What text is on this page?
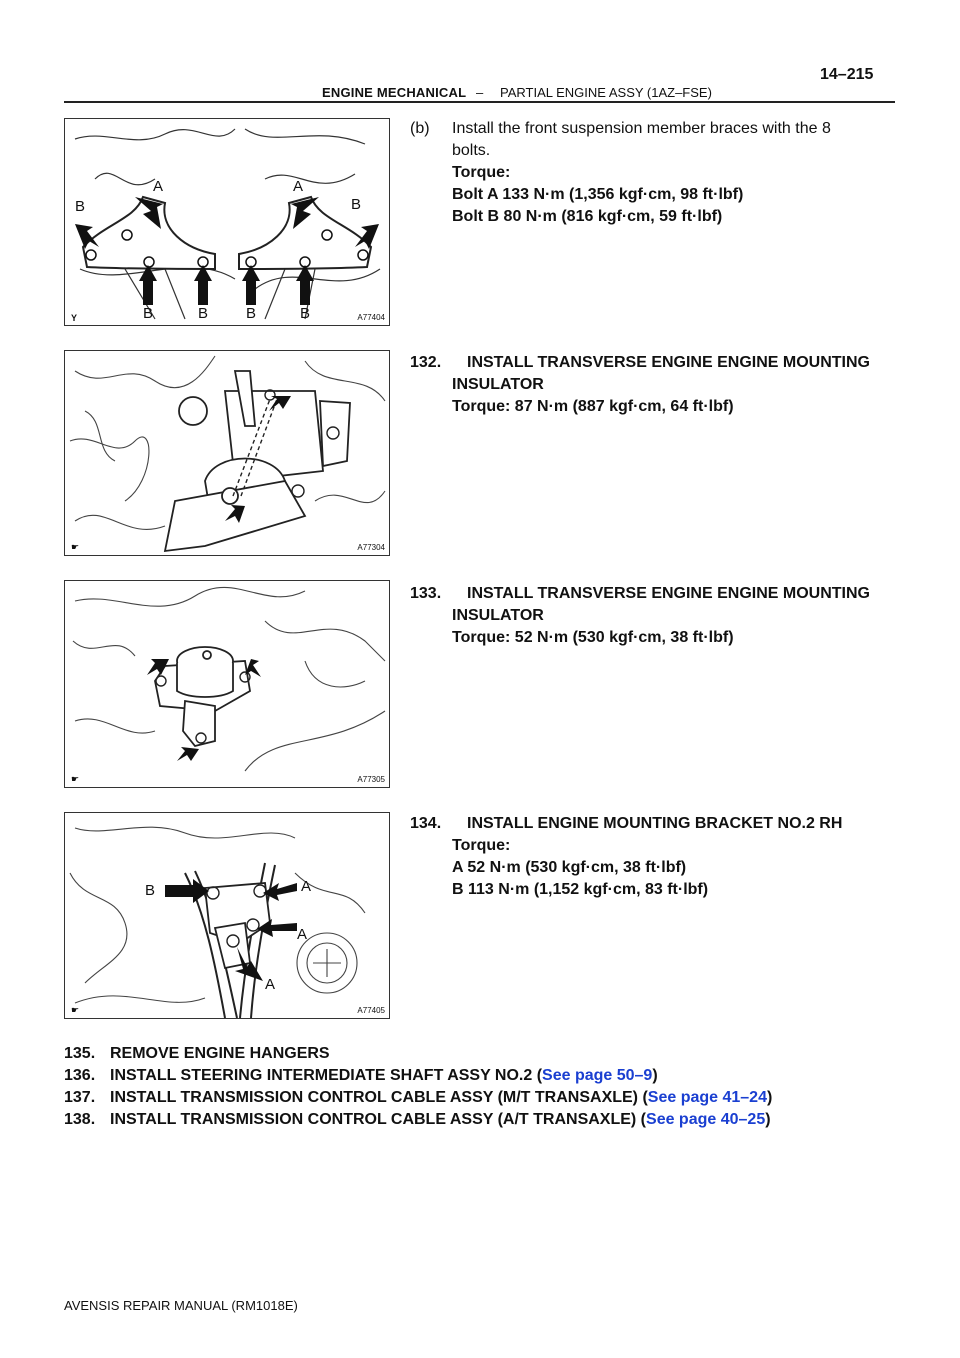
14–215
ENGINE MECHANICAL – PARTIAL ENGINE ASSY (1AZ–FSE)
A	A
B	B
B	B	B	B
Y	A77404
☛	A77304
☛	A77305
B	A
A
A
☛	A77405
(b) Install the front suspension member braces with the 8
bolts.
Torque:
Bolt A 133 N·m (1,356 kgf·cm, 98 ft·lbf)
Bolt B 80 N·m (816 kgf·cm, 59 ft·lbf)
132. INSTALL TRANSVERSE ENGINE ENGINE MOUNTING
INSULATOR
Torque: 87 N·m (887 kgf·cm, 64 ft·lbf)
133. INSTALL TRANSVERSE ENGINE ENGINE MOUNTING
INSULATOR
Torque: 52 N·m (530 kgf·cm, 38 ft·lbf)
134. INSTALL ENGINE MOUNTING BRACKET NO.2 RH
Torque:
A 52 N·m (530 kgf·cm, 38 ft·lbf)
B 113 N·m (1,152 kgf·cm, 83 ft·lbf)
135. REMOVE ENGINE HANGERS
136. INSTALL STEERING INTERMEDIATE SHAFT ASSY NO.2 (See page 50–9)
137. INSTALL TRANSMISSION CONTROL CABLE ASSY (M/T TRANSAXLE) (See page 41–24)
138. INSTALL TRANSMISSION CONTROL CABLE ASSY (A/T TRANSAXLE) (See page 40–25)
AVENSIS REPAIR MANUAL (RM1018E)
